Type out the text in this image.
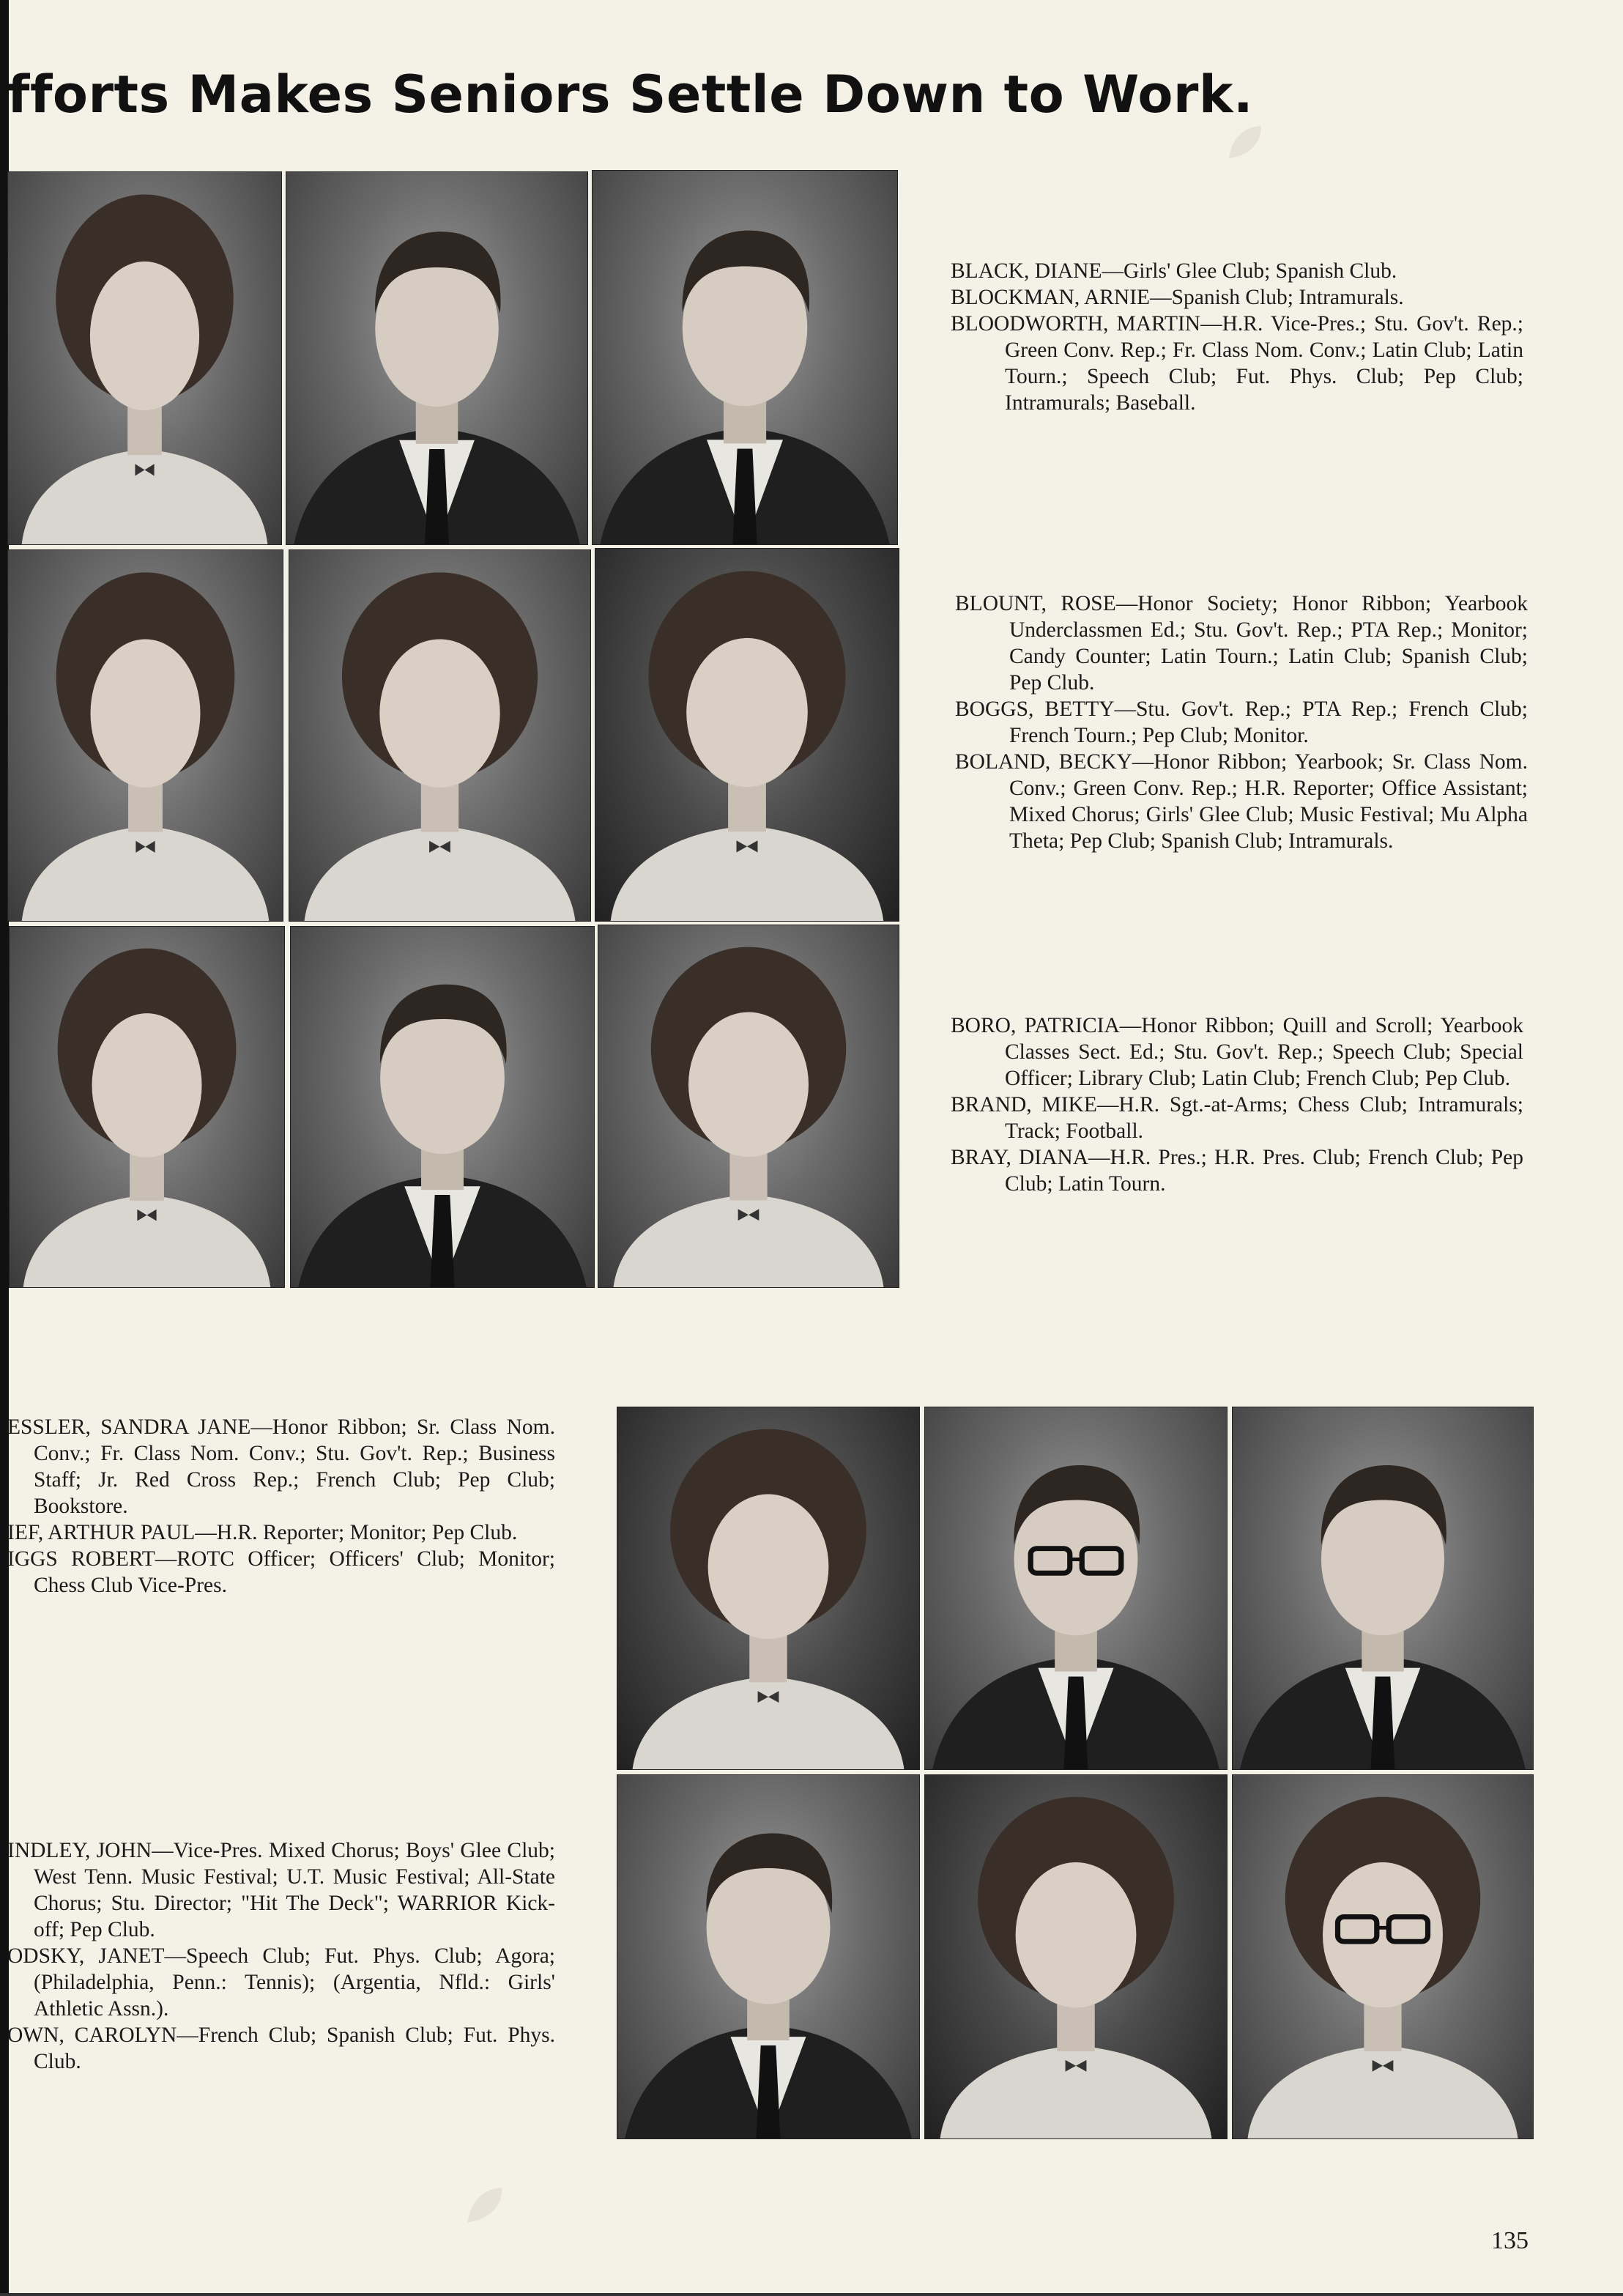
fforts Makes Seniors Settle Down to Work.

BLACK, DIANE—Girls' Glee Club; Spanish Club.

BLOCKMAN, ARNIE—Spanish Club; Intramurals.

BLOODWORTH, MARTIN—H.R. Vice-Pres.; Stu. Gov't. Rep.; Green Conv. Rep.; Fr. Class Nom. Conv.; Latin Club; Latin Tourn.; Speech Club; Fut. Phys. Club; Pep Club; Intramurals; Baseball.

BLOUNT, ROSE—Honor Society; Honor Ribbon; Yearbook Underclassmen Ed.; Stu. Gov't. Rep.; PTA Rep.; Monitor; Candy Counter; Latin Tourn.; Latin Club; Spanish Club; Pep Club.

BOGGS, BETTY—Stu. Gov't. Rep.; PTA Rep.; French Club; French Tourn.; Pep Club; Monitor.

BOLAND, BECKY—Honor Ribbon; Yearbook; Sr. Class Nom. Conv.; Green Conv. Rep.; H.R. Reporter; Office Assistant; Mixed Chorus; Girls' Glee Club; Music Festival; Mu Alpha Theta; Pep Club; Spanish Club; Intramurals.

BORO, PATRICIA—Honor Ribbon; Quill and Scroll; Yearbook Classes Sect. Ed.; Stu. Gov't. Rep.; Speech Club; Special Officer; Library Club; Latin Club; French Club; Pep Club.

BRAND, MIKE—H.R. Sgt.-at-Arms; Chess Club; Intramurals; Track; Football.

BRAY, DIANA—H.R. Pres.; H.R. Pres. Club; French Club; Pep Club; Latin Tourn.

ESSLER, SANDRA JANE—Honor Ribbon; Sr. Class Nom. Conv.; Fr. Class Nom. Conv.; Stu. Gov't. Rep.; Business Staff; Jr. Red Cross Rep.; French Club; Pep Club; Bookstore.

IEF, ARTHUR PAUL—H.R. Reporter; Monitor; Pep Club.

IGGS ROBERT—ROTC Officer; Officers' Club; Monitor; Chess Club Vice-Pres.

INDLEY, JOHN—Vice-Pres. Mixed Chorus; Boys' Glee Club; West Tenn. Music Festival; U.T. Music Festival; All-State Chorus; Stu. Director; "Hit The Deck"; WARRIOR Kick-off; Pep Club.

ODSKY, JANET—Speech Club; Fut. Phys. Club; Agora; (Philadelphia, Penn.: Tennis); (Argentia, Nfld.: Girls' Athletic Assn.).

OWN, CAROLYN—French Club; Spanish Club; Fut. Phys. Club.

135
